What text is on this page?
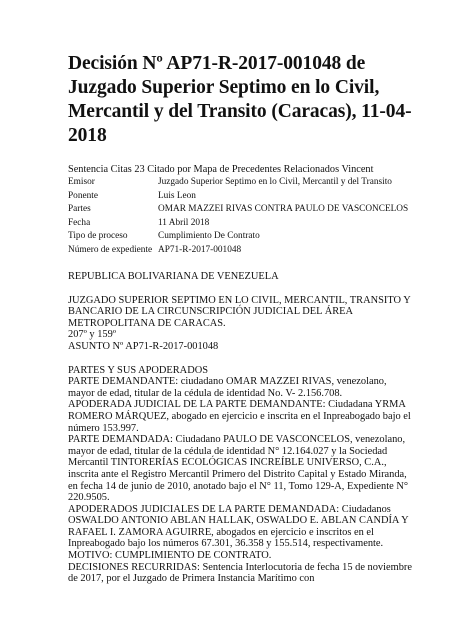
Decisión Nº AP71-R-2017-001048 de Juzgado Superior Septimo en lo Civil, Mercantil y del Transito (Caracas), 11-04-2018
Sentencia Citas 23 Citado por Mapa de Precedentes Relacionados Vincent
Emisor	Juzgado Superior Septimo en lo Civil, Mercantil y del Transito
Ponente	Luis Leon
Partes	OMAR MAZZEI RIVAS CONTRA PAULO DE VASCONCELOS
Fecha	11 Abril 2018
Tipo de proceso	Cumplimiento De Contrato
Número de expediente	AP71-R-2017-001048

REPUBLICA BOLIVARIANA DE VENEZUELA

JUZGADO SUPERIOR SEPTIMO EN LO CIVIL, MERCANTIL, TRANSITO Y BANCARIO DE LA CIRCUNSCRIPCIÓN JUDICIAL DEL ÁREA METROPOLITANA DE CARACAS.

207º y 159º

ASUNTO Nº AP71-R-2017-001048

PARTES Y SUS APODERADOS

PARTE DEMANDANTE: ciudadano OMAR MAZZEI RIVAS, venezolano, mayor de edad, titular de la cédula de identidad No. V- 2.156.708.

APODERADA JUDICIAL DE LA PARTE DEMANDANTE: Ciudadana YRMA ROMERO MÁRQUEZ, abogado en ejercicio e inscrita en el Inpreabogado bajo el número 153.997.

PARTE DEMANDADA: Ciudadano PAULO DE VASCONCELOS, venezolano, mayor de edad, titular de la cédula de identidad N° 12.164.027 y la Sociedad Mercantil TINTORERÍAS ECOLÓGICAS INCREÍBLE UNIVERSO, C.A., inscrita ante el Registro Mercantil Primero del Distrito Capital y Estado Miranda, en fecha 14 de junio de 2010, anotado bajo el N° 11, Tomo 129-A, Expediente N° 220.9505.

APODERADOS JUDICIALES DE LA PARTE DEMANDADA: Ciudadanos OSWALDO ANTONIO ABLAN HALLAK, OSWALDO E. ABLAN CANDÍA Y RAFAEL I. ZAMORA AGUIRRE, abogados en ejercicio e inscritos en el Inpreabogado bajo los números 67.301, 36.358 y 155.514, respectivamente.

MOTIVO: CUMPLIMIENTO DE CONTRATO.

DECISIONES RECURRIDAS: Sentencia Interlocutoria de fecha 15 de noviembre de 2017, por el Juzgado de Primera Instancia Marítimo con
